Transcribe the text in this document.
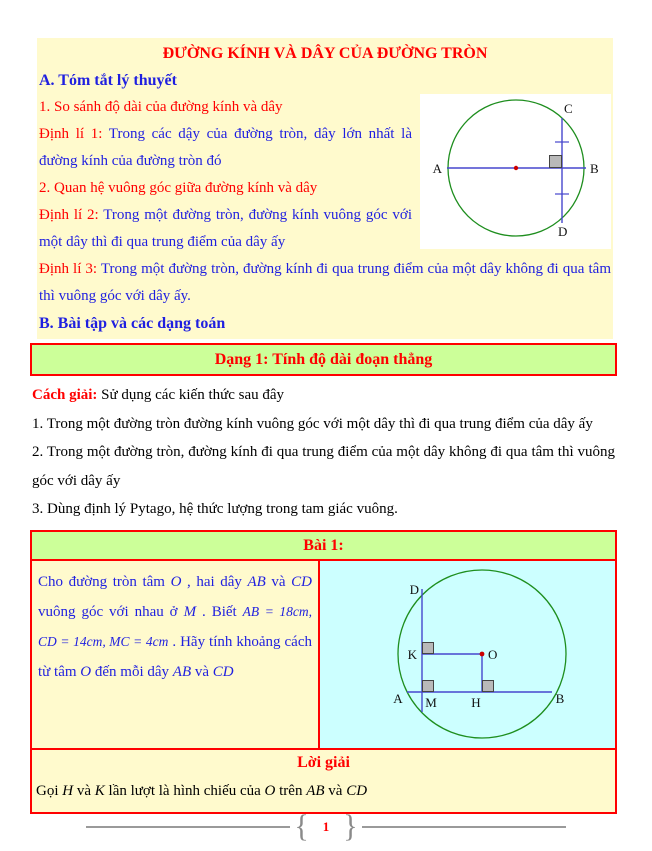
ĐƯỜNG KÍNH VÀ DÂY CỦA ĐƯỜNG TRÒN
A. Tóm tắt lý thuyết
A	B
C
D

1. So sánh độ dài của đường kính và dây

Định lí 1: Trong các dậy của đường tròn, dây lớn nhất là đường kính của đường tròn đó

2. Quan hệ vuông góc giữa đường kính và dây

Định lí 2: Trong một đường tròn, đường kính vuông góc với một dây thì đi qua trung điểm của dây ấy

Định lí 3: Trong một đường tròn, đường kính đi qua trung điểm của một dây không đi qua tâm thì vuông góc với dây ấy.

B. Bài tập và các dạng toán
Dạng 1: Tính độ dài đoạn thẳng

Cách giải: Sử dụng các kiến thức sau đây

1. Trong một đường tròn đường kính vuông góc với một dây thì đi qua trung điểm của dây ấy

2. Trong một đường tròn, đường kính đi qua trung điểm của một dây không đi qua tâm thì vuông góc với dây ấy

3. Dùng định lý Pytago, hệ thức lượng trong tam giác vuông.

Bài 1:
Cho đường tròn tâm O , hai dây AB và CD vuông góc với nhau ở M . Biết AB = 18cm, CD = 14cm, MC = 4cm . Hãy tính khoảng cách từ tâm O đến mỗi dây AB và CD
D
K	O
A M	H	B
Lời giải
Gọi H và K lần lượt là hình chiếu của O trên AB và CD
{	1 }
